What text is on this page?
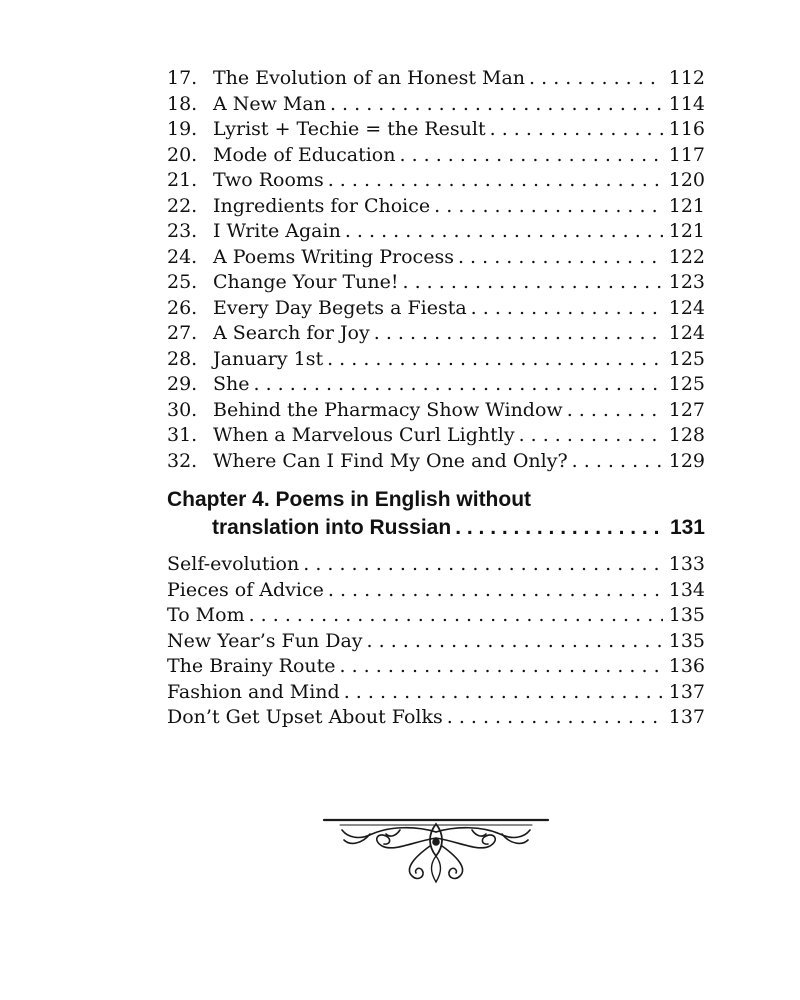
17. The Evolution of an Honest Man . . .	112
18. A New Man . . .	114
19. Lyrist + Techie = the Result . . .	116
20. Mode of Education . . .	117
21. Two Rooms . . .	120
22. Ingredients for Choice . . .	121
23. I Write Again . . .	121
24. A Poems Writing Process . . .	122
25. Change Your Tune! . . .	123
26. Every Day Begets a Fiesta . . .	124
27. A Search for Joy . . .	124
28. January 1st . . .	125
29. She . . .	125
30. Behind the Pharmacy Show Window . . .	127
31. When a Marvelous Curl Lightly . . .	128
32. Where Can I Find My One and Only? . . .	129
Chapter 4. Poems in English without
translation into Russian . . .	131
Self-evolution . . .	133
Pieces of Advice . . .	134
To Mom . . .	135
New Year’s Fun Day . . .	135
The Brainy Route . . .	136
Fashion and Mind . . .	137
Don’t Get Upset About Folks . . .	137
